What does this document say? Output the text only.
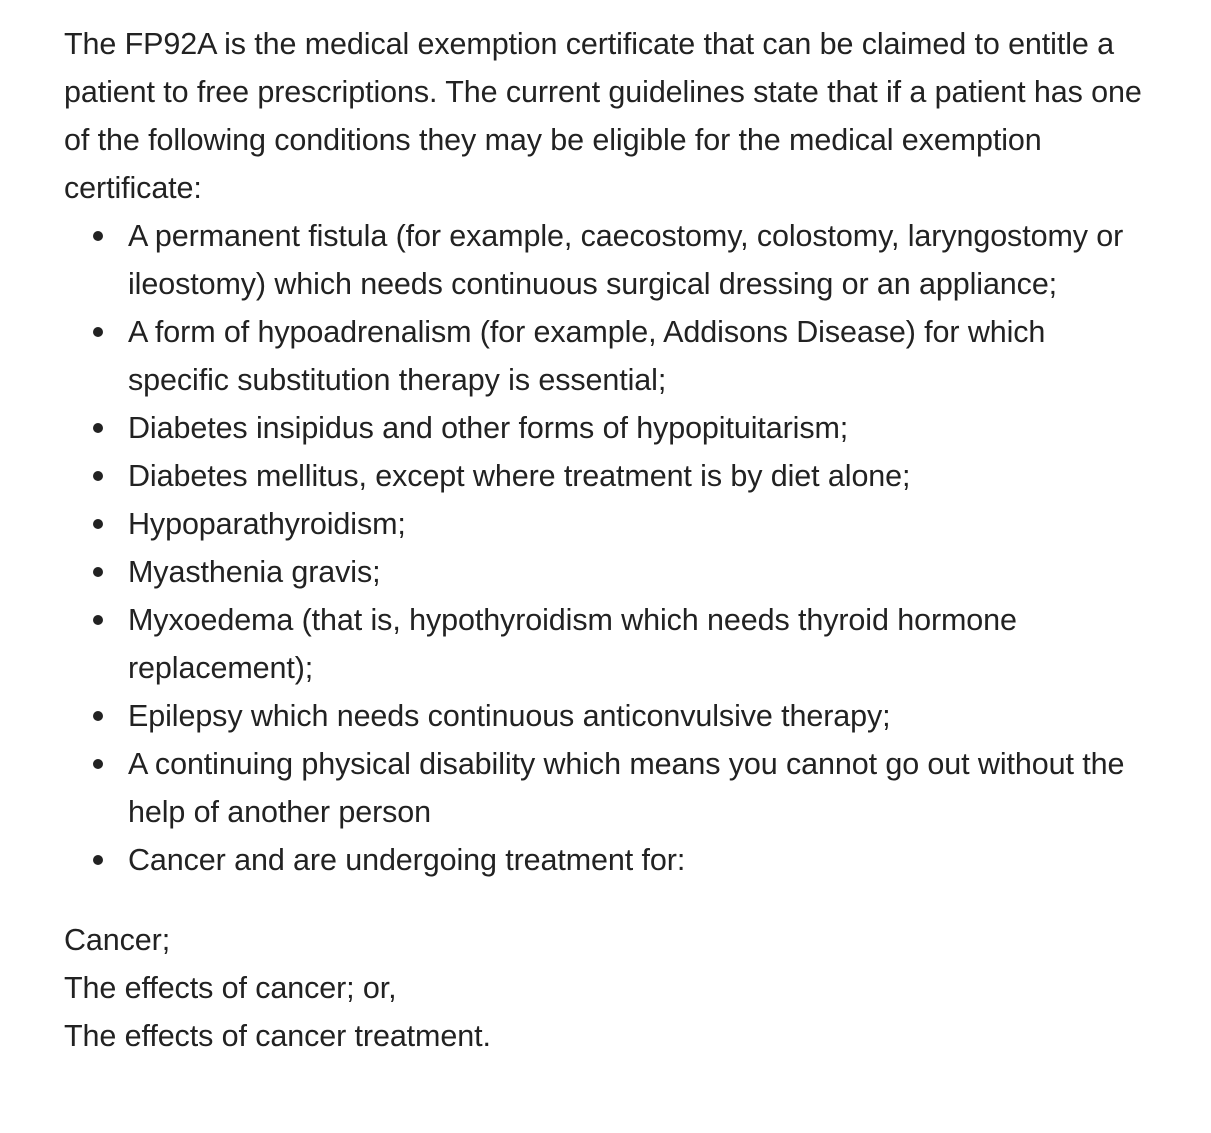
The FP92A is the medical exemption certificate that can be claimed to entitle a patient to free prescriptions. The current guidelines state that if a patient has one of the following conditions they may be eligible for the medical exemption certificate:

A permanent fistula (for example, caecostomy, colostomy, laryngostomy or ileostomy) which needs continuous surgical dressing or an appliance;
A form of hypoadrenalism (for example, Addisons Disease) for which specific substitution therapy is essential;
Diabetes insipidus and other forms of hypopituitarism;
Diabetes mellitus, except where treatment is by diet alone;
Hypoparathyroidism;
Myasthenia gravis;
Myxoedema (that is, hypothyroidism which needs thyroid hormone replacement);
Epilepsy which needs continuous anticonvulsive therapy;
A continuing physical disability which means you cannot go out without the help of another person
Cancer and are undergoing treatment for:

Cancer;
The effects of cancer; or,
The effects of cancer treatment.
